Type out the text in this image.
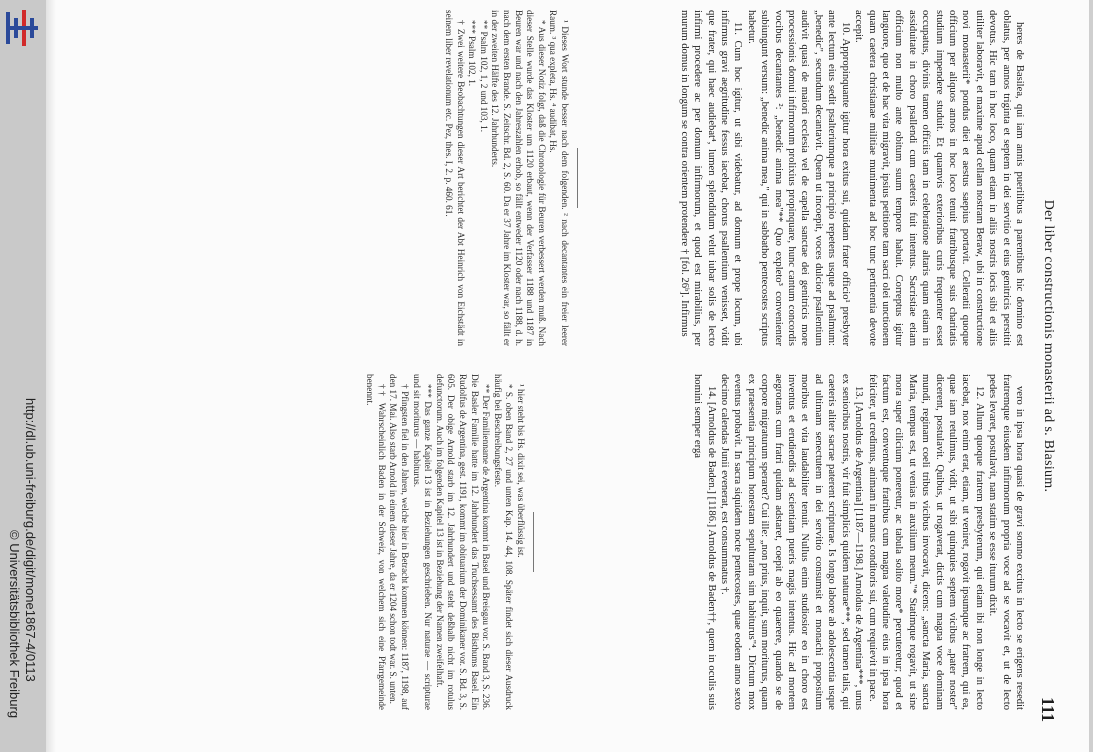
http://dl.ub.uni-freiburg.de/digit/mone1867-4/0113
© Universitätsbibliothek Freiburg
Der liber constructionis monasterii ad s. Blasium.
111

heres de Basilea, qui iam annis puerilibus a parentibus hic domino est oblatus, per annos triginta et septem in dei servitio et eius genitricis perstitit devotus. Hic tam in hoc loco, quam etiam in aliis nostris locis sibi et aliis utiliter laboravit, et maxime apud cellam nostram Beraw, ubi in constructione novi monasterii* pondus diei et aestus saepius portavit. Celleratii quoque officium per aliquos annos in hoc loco tenuit fratribusque suis charitatis studium impendere studuit. Et quamvis exterioribus curis frequenter esset occupatus, divinis tamen officiis tam in celebratione altaris quam etiam in assiduitate in choro psallendi cum caeteris fuit intentus. Sacristiae etiam officium non multo ante obitum suum tempore habuit. Correptus igitur languore, quo et de hac vita migravit, ipsius petitione tam sacri olei unctionem quam caetera christianae militiae munimenta ad hoc tunc pertinentia devote accepit.

10. Appropinquante igitur hora exitus sui, quidam frater officio¹ presbyter ante lectum eius sedit psalteriumque a principio repetens usque ad psalmum: „benedic", secundum decantavit. Quem ut incoepit, voces dulcior psallentium audivit quasi de maiori ecclesia vel de capella sanctae dei genitricis more processionis domui infirmorum prolixius propinquare, hunc cantum concordis vocibus decantantes ²: „benedic anima mea"** Quo expleto³ convenienter subiungunt versum: „benedic anima mea," qui in sabbatho pentecostes scriptus habetur.

11. Cum hoc igitur, ut sibi videbatur, ad domum et prope locum, ubi infirmus gravi aegritudine fessus iacebat, chorus psallentium venisset, vidit que frater, qui haec audiebat⁴, lumen splendidum velut iubar solis de lecto infirmi procedere ac per domum infirmorum, et quod est mirabilius, per murum domus in longum se contra orientem protendere † [fol. 26ᵇ]. Infirmus

vero in ipsa hora quasi de gravi somno excitus in lecto se erigens resedit fratremque eiusdem infirmorum propria voce ad se vocavit et, ut de lecto pedes levaret, postulavit, nam statim se esse iturum dixit.

12. Allum quoque fratrem presbyterum, qui etiam ibi non longe in lecto iacebat, nox enim erat, etiam, ut veniret, rogavit ipsumque ac fratrem, qui ea, quae iam retulimus, vidit, ut sibi quinquies septem vicibus „pater noster" dicerent, postulavit. Quibus, ut rogaverat, dictis cum magna voce dominam mundi, reginam coeli tribus vicibus invocavit, dicens: „sancta Maria, sancta Maria, tempus est, ut venias in auxilium meum."* Statimque rogavit, ut sine mora super cilicium poneretur, ac tabula solito more* percuteretur; quod et factum est, conventuque fratribus cum magna valetudine eius in ipsa hora feliciter, ut credimus, animam in manus conditoris sui, cum requievit in pace.

13. [Arnoldus de Argentina] [1187—1198.] Arnoldus de Argentina***, unus ex senioribus nostris, vir fuit simplicis quidem naturae***, sed tamen talis, qui caeteris aliter sacrae paterent scripturae. Is longo labore ab adolescentia usque ad ultimam senectutem in dei servitio consumsit et monachi propositum moribus et vita laudabiliter tenuit. Nullus enim studiosior eo in choro est inventus et erudiendis ad scientiam pueris magis intentus. Hic ad mortem aegrotans cum fratri quidam adstaret, coepit ab eo quaerere, quando se de corpore migraturum speraret? Cui ille: „non prius, inquit, sum moriturus, quam ex praesentia principum honestam sepulturam sim habiturus"⁴. Dictum mox eventus probavit. In sacra siquidem nocte pentecostes, quae eodem anno sexto decimo calendas Junii evenerat, est consummatus †.

14. [Arnoldus de Baden.] [1186.] Arnoldus de Baden††, quem in oculis suis homini semper erga

¹ Dieses Wort stunde besser nach dem folgenden. ² nach decantantes ein freier leerer Raum. ³ qua expleta, Hs. ⁴ audibat, Hs.

* Aus dieser Notiz folgt, daß die Chronologie für Beuren verbessert werden muß. Nach dieser Stelle wurde das Kloster um 1120 erbaut, wenn der Verfasser 1188 und 1187 in Beuren war und nach den Jahreszahlen erhob, so fällt entweder 1120 oder nach 1188, d. h. nach dem ersten Brande. S. Zeitschr. Bd. 2, S. 60. Da er 37 Jahre im Kloster war, so fällt er in der zweiten Hälfte des 12. Jahrhunderts.

** Psalm 102, 1, 2 und 103, 1.

*** Psalm 102, 1.

† Zwei weitere Beobachtungen dieser Art berichtet der Abt Heinrich von Eichstädt in seinem liber revelationum etc. Pez, thes. I, 2. p. 460. 61.

¹ hier steht bis Hs. dixit sei, was überflüssig ist.

* S. oben Band 2, 27 und unten Kap. 14. 44, 108. Später findet sich dieser Ausdruck häufig bei Beschreibungsfeste.

** Der Familienname de Argentina kommt in Basel und Breisgau vor. S. Band 3, S. 236. Die Basler Familie hatte im 12. Jahrhundert das Truchsessamt des Bisthums Basel. Ein Rudolfus de Argentina, gest. 1191, kommt im obituarium der Dominikaner vor. S. Bd. 3, S. 605. Der obige Arnold starb im 12. Jahrhundert und steht deßhalb nicht im rotulus defunctorum. Auch im folgenden Kapitel 13 ist in Beziehung der Namen zweifelhaft.

*** Das ganze Kapitel 13 ist in Beziehungen geschrieben. Nur naturae — scripturae und sit moriturus — habiturus.

† Pfingsten fiel in den Jahren, welche hier in Betracht kommen können: 1187, 1198, auf den 17. Mai. Also starb Arnold in einem dieser Jahre, da er 1204 schon todt war. S. unten.

†† Wahrscheinlich Baden in der Schweiz, von welchem sich eine Pfarrgemeinde benennt.
